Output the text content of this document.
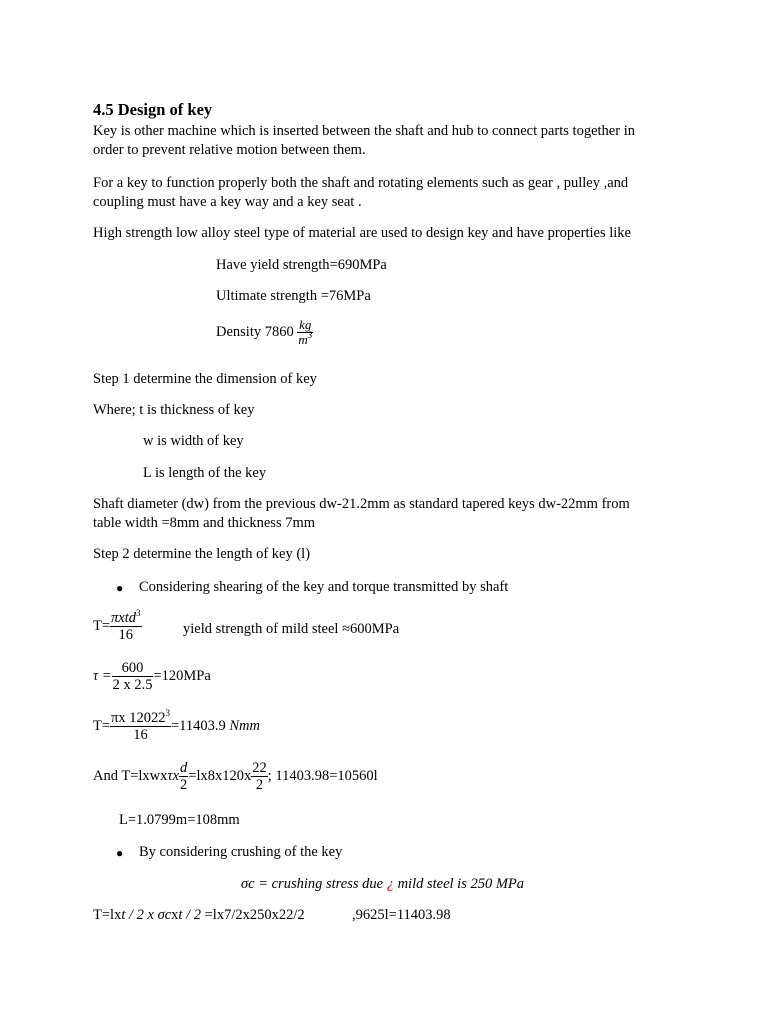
4.5 Design of key
Key is other machine which is inserted between the shaft and hub to connect parts together in
order to prevent relative motion between them.
For a key to function properly both the shaft and rotating elements such as gear , pulley ,and
coupling must have a key way and a key seat .
High strength low alloy steel type of material are used to design key and have properties like
Have yield strength=690MPa
Ultimate strength =76MPa
Density $7860 \frac{kg}{m^3}$
Step 1 determine the dimension of key
Where; t is thickness of key
w is width of key
L is length of the key
Shaft diameter (dw) from the previous dw-21.2mm as standard tapered keys dw-22mm from
table width =8mm and thickness 7mm
Step 2 determine the length of key (l)
● Considering shearing of the key and torque transmitted by shaft
$T= \frac{\pi xtd^3}{16}$	yield strength of mild steel ≈600MPa
$\tau = \frac{600}{2 x 2.5} =120MPa$
$T= \frac{\pi x 12022^3}{16} =11403.9$ Nmm
And T=lxwxτx $\frac{d}{2} =lx8x120x \frac{22}{2}$ ; 11403.98=10560l
L=1.0799m=108mm
● By considering crushing of the key
σc = crushing stress due ¿ mild steel is 250 MPa
T=lxt / 2 x σcxt / 2 =lx7/2x250x22/2	,9625l=11403.98
